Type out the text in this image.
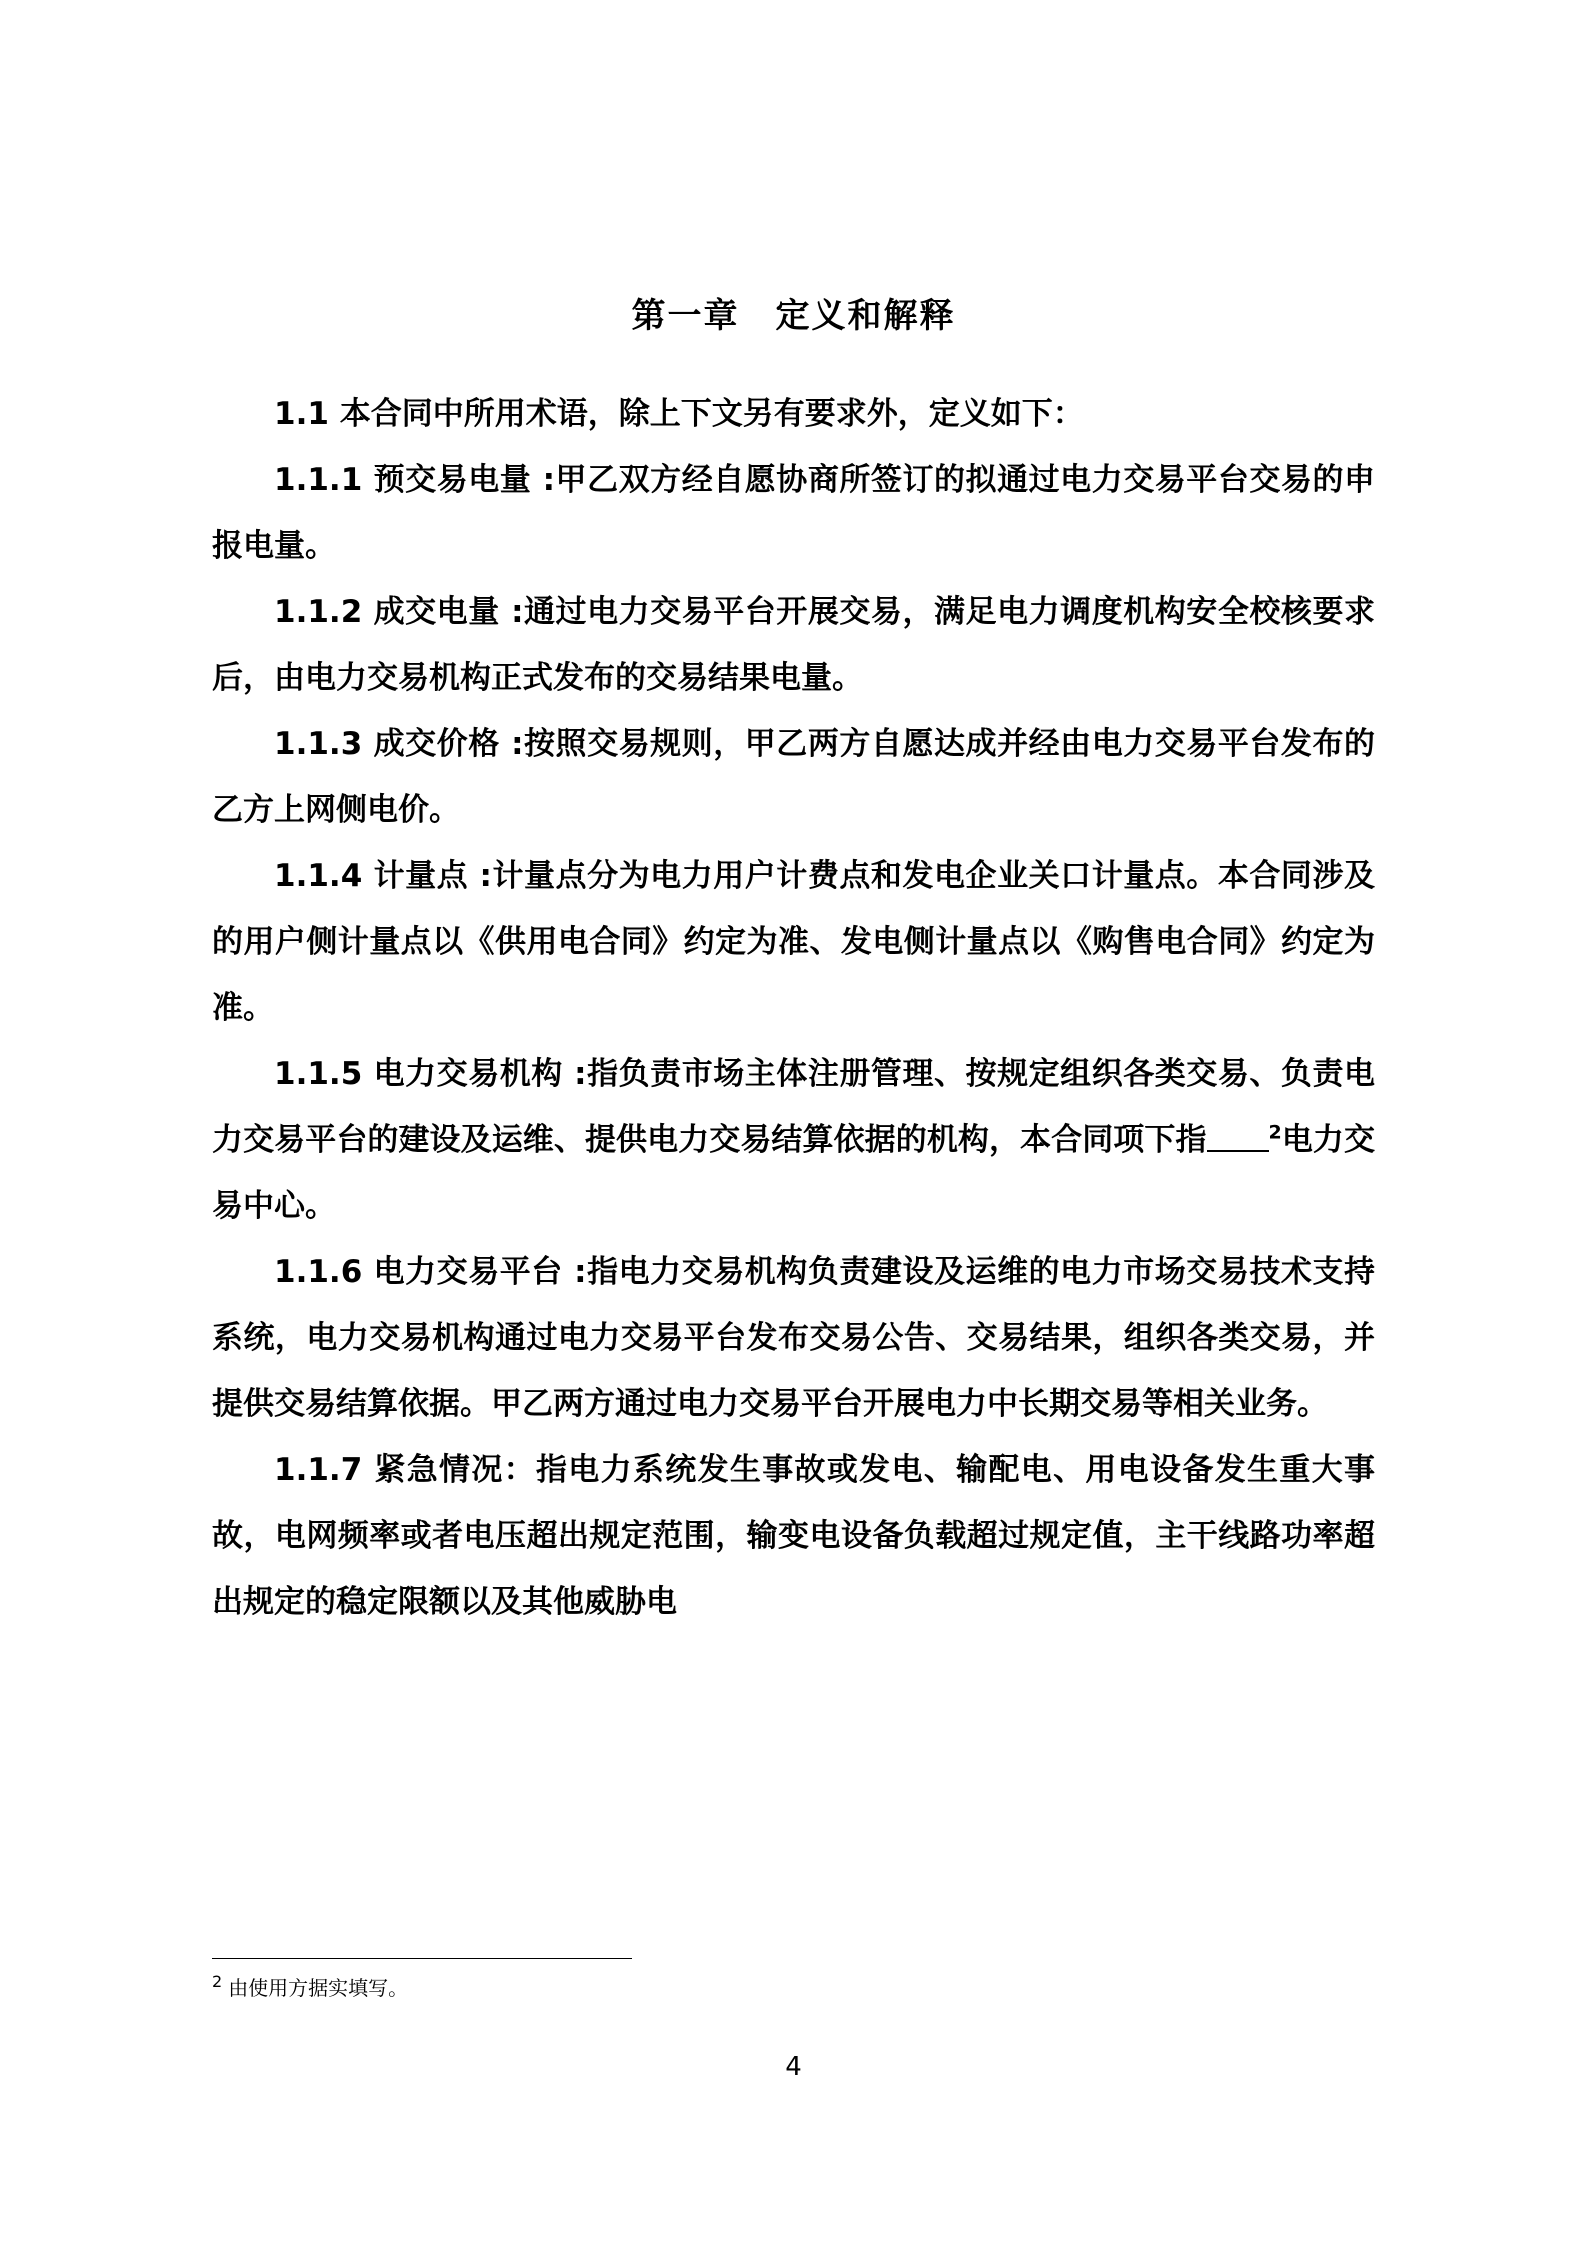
第一章 定义和解释

1.1 本合同中所用术语，除上下文另有要求外，定义如下：

1.1.1 预交易电量 :甲乙双方经自愿协商所签订的拟通过电力交易平台交易的申报电量。

1.1.2 成交电量 :通过电力交易平台开展交易，满足电力调度机构安全校核要求后，由电力交易机构正式发布的交易结果电量。

1.1.3 成交价格 :按照交易规则，甲乙两方自愿达成并经由电力交易平台发布的乙方上网侧电价。

1.1.4 计量点 :计量点分为电力用户计费点和发电企业关口计量点。本合同涉及的用户侧计量点以《供用电合同》约定为准、发电侧计量点以《购售电合同》约定为准。

1.1.5 电力交易机构 :指负责市场主体注册管理、按规定组织各类交易、负责电力交易平台的建设及运维、提供电力交易结算依据的机构，本合同项下指	$^2$电力交易中心。

1.1.6 电力交易平台 :指电力交易机构负责建设及运维的电力市场交易技术支持系统，电力交易机构通过电力交易平台发布交易公告、交易结果，组织各类交易，并提供交易结算依据。甲乙两方通过电力交易平台开展电力中长期交易等相关业务。

1.1.7 紧急情况：指电力系统发生事故或发电、输配电、用电设备发生重大事故，电网频率或者电压超出规定范围，输变电设备负载超过规定值，主干线路功率超出规定的稳定限额以及其他威胁电

$^2$ 由使用方据实填写。
4
